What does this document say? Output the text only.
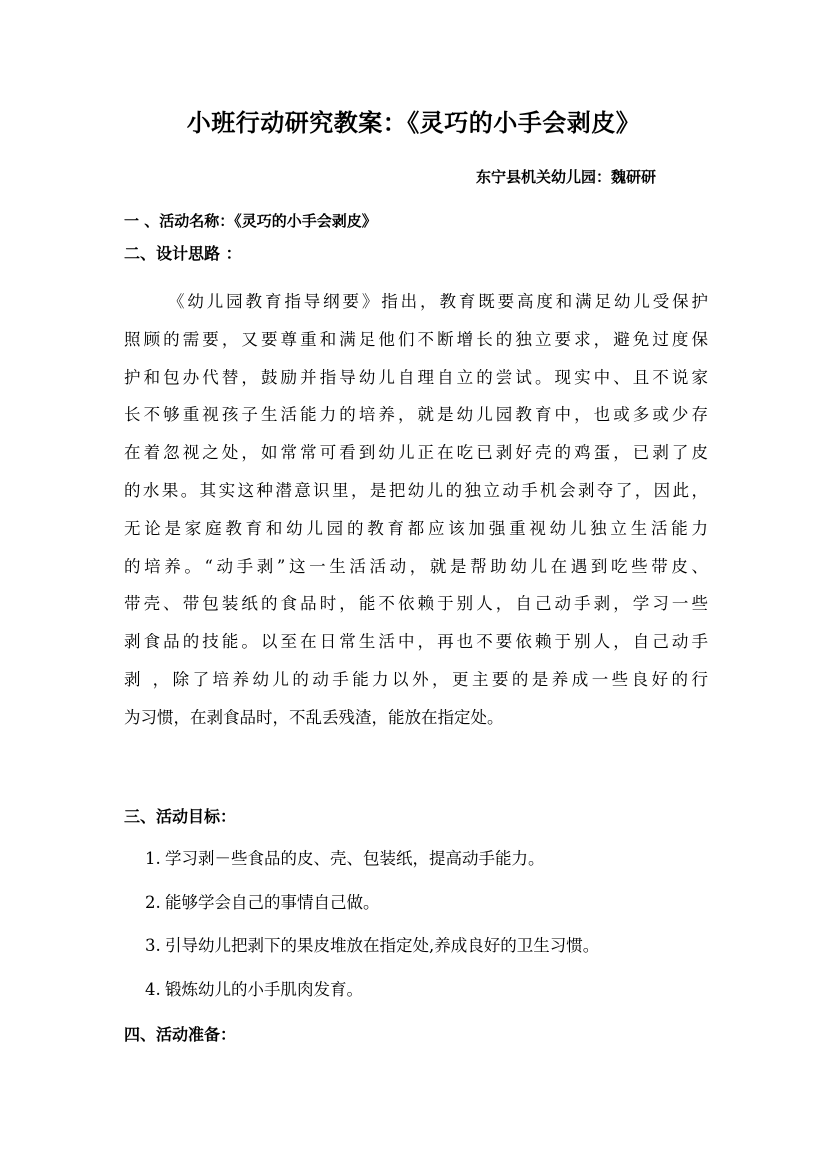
小班行动研究教案：《灵巧的小手会剥皮》
东宁县机关幼儿园：魏研研
一 、活动名称：《灵巧的小手会剥皮》
二、设计思路 ：
《幼儿园教育指导纲要》指出，教育既要高度和满足幼儿受保护
照顾的需要，又要尊重和满足他们不断增长的独立要求，避免过度保
护和包办代替，鼓励并指导幼儿自理自立的尝试。现实中、且不说家
长不够重视孩子生活能力的培养，就是幼儿园教育中，也或多或少存
在着忽视之处，如常常可看到幼儿正在吃已剥好壳的鸡蛋，已剥了皮
的水果。其实这种潜意识里，是把幼儿的独立动手机会剥夺了，因此，
无论是家庭教育和幼儿园的教育都应该加强重视幼儿独立生活能力
的培养。“动手剥”这一生活活动，就是帮助幼儿在遇到吃些带皮、
带壳、带包装纸的食品时，能不依赖于别人，自己动手剥，学习一些
剥食品的技能。以至在日常生活中，再也不要依赖于别人，自己动手
剥 ，除了培养幼儿的动手能力以外，更主要的是养成一些良好的行
为习惯，在剥食品时，不乱丢残渣，能放在指定处。
三、活动目标：
1. 学习剥－些食品的皮、壳、包装纸，提高动手能力。
2. 能够学会自己的事情自己做。
3. 引导幼儿把剥下的果皮堆放在指定处,养成良好的卫生习惯。
4. 锻炼幼儿的小手肌肉发育。
四、活动准备：
